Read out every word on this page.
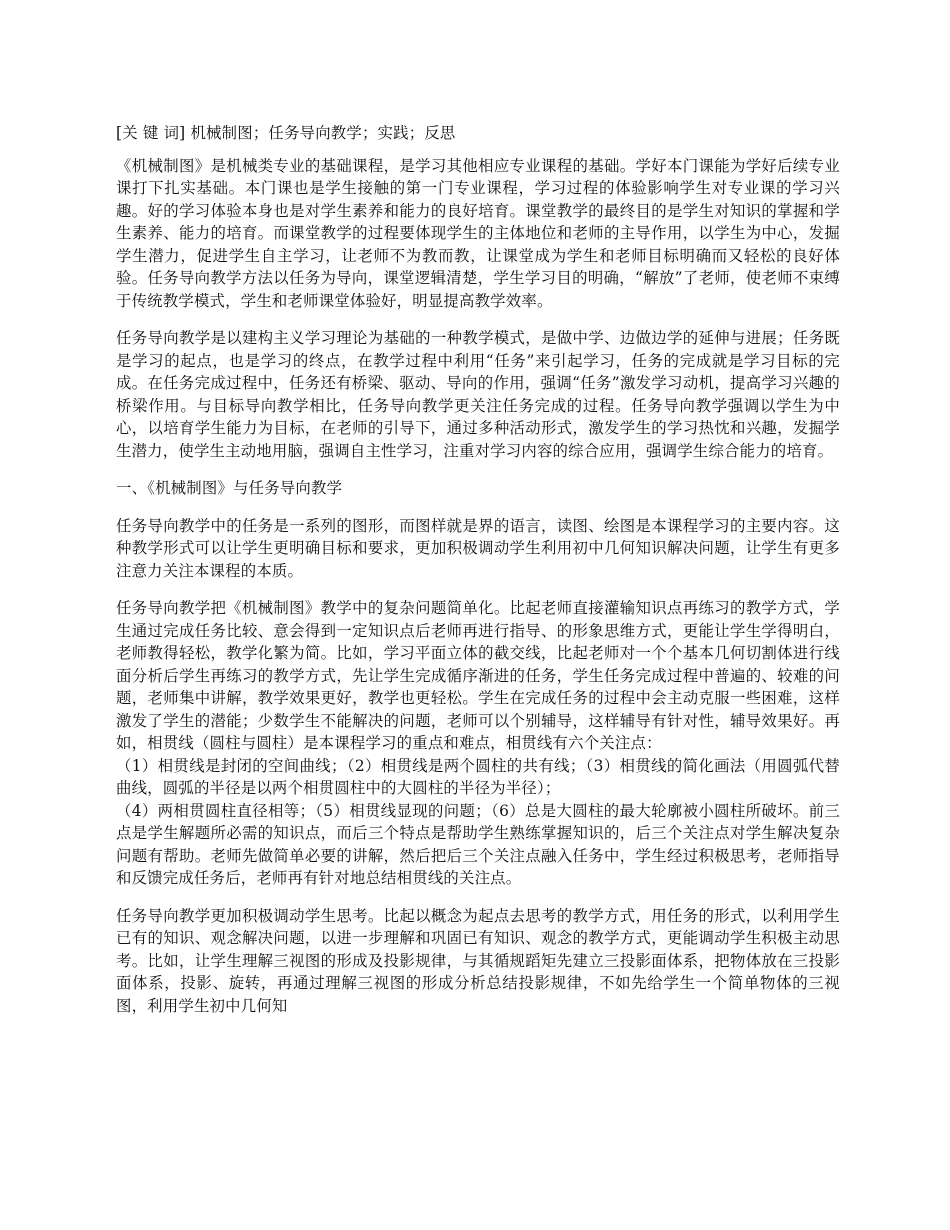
[关 键 词] 机械制图；任务导向教学；实践；反思

《机械制图》是机械类专业的基础课程，是学习其他相应专业课程的基础。学好本门课能为学好后续专业课打下扎实基础。本门课也是学生接触的第一门专业课程，学习过程的体验影响学生对专业课的学习兴趣。好的学习体验本身也是对学生素养和能力的良好培育。课堂教学的最终目的是学生对知识的掌握和学生素养、能力的培育。而课堂教学的过程要体现学生的主体地位和老师的主导作用，以学生为中心，发掘学生潜力，促进学生自主学习，让老师不为教而教，让课堂成为学生和老师目标明确而又轻松的良好体验。任务导向教学方法以任务为导向，课堂逻辑清楚，学生学习目的明确，“解放”了老师，使老师不束缚于传统教学模式，学生和老师课堂体验好，明显提高教学效率。

任务导向教学是以建构主义学习理论为基础的一种教学模式，是做中学、边做边学的延伸与进展；任务既是学习的起点，也是学习的终点，在教学过程中利用“任务”来引起学习，任务的完成就是学习目标的完成。在任务完成过程中，任务还有桥梁、驱动、导向的作用，强调“任务”激发学习动机，提高学习兴趣的桥梁作用。与目标导向教学相比，任务导向教学更关注任务完成的过程。任务导向教学强调以学生为中心，以培育学生能力为目标，在老师的引导下，通过多种活动形式，激发学生的学习热忱和兴趣，发掘学生潜力，使学生主动地用脑，强调自主性学习，注重对学习内容的综合应用，强调学生综合能力的培育。

一、《机械制图》与任务导向教学

任务导向教学中的任务是一系列的图形，而图样就是界的语言，读图、绘图是本课程学习的主要内容。这种教学形式可以让学生更明确目标和要求，更加积极调动学生利用初中几何知识解决问题，让学生有更多注意力关注本课程的本质。

任务导向教学把《机械制图》教学中的复杂问题简单化。比起老师直接灌输知识点再练习的教学方式，学生通过完成任务比较、意会得到一定知识点后老师再进行指导、的形象思维方式，更能让学生学得明白，老师教得轻松，教学化繁为简。比如，学习平面立体的截交线，比起老师对一个个基本几何切割体进行线面分析后学生再练习的教学方式，先让学生完成循序渐进的任务，学生任务完成过程中普遍的、较难的问题，老师集中讲解，教学效果更好，教学也更轻松。学生在完成任务的过程中会主动克服一些困难，这样激发了学生的潜能；少数学生不能解决的问题，老师可以个别辅导，这样辅导有针对性，辅导效果好。再如，相贯线（圆柱与圆柱）是本课程学习的重点和难点，相贯线有六个关注点：
（1）相贯线是封闭的空间曲线；（2）相贯线是两个圆柱的共有线；（3）相贯线的简化画法（用圆弧代替曲线，圆弧的半径是以两个相贯圆柱中的大圆柱的半径为半径）；
（4）两相贯圆柱直径相等；（5）相贯线显现的问题；（6）总是大圆柱的最大轮廓被小圆柱所破坏。前三点是学生解题所必需的知识点，而后三个特点是帮助学生熟练掌握知识的，后三个关注点对学生解决复杂问题有帮助。老师先做简单必要的讲解，然后把后三个关注点融入任务中，学生经过积极思考，老师指导和反馈完成任务后，老师再有针对地总结相贯线的关注点。

任务导向教学更加积极调动学生思考。比起以概念为起点去思考的教学方式，用任务的形式，以利用学生已有的知识、观念解决问题，以进一步理解和巩固已有知识、观念的教学方式，更能调动学生积极主动思考。比如，让学生理解三视图的形成及投影规律，与其循规蹈矩先建立三投影面体系，把物体放在三投影面体系，投影、旋转，再通过理解三视图的形成分析总结投影规律，不如先给学生一个简单物体的三视图，利用学生初中几何知
